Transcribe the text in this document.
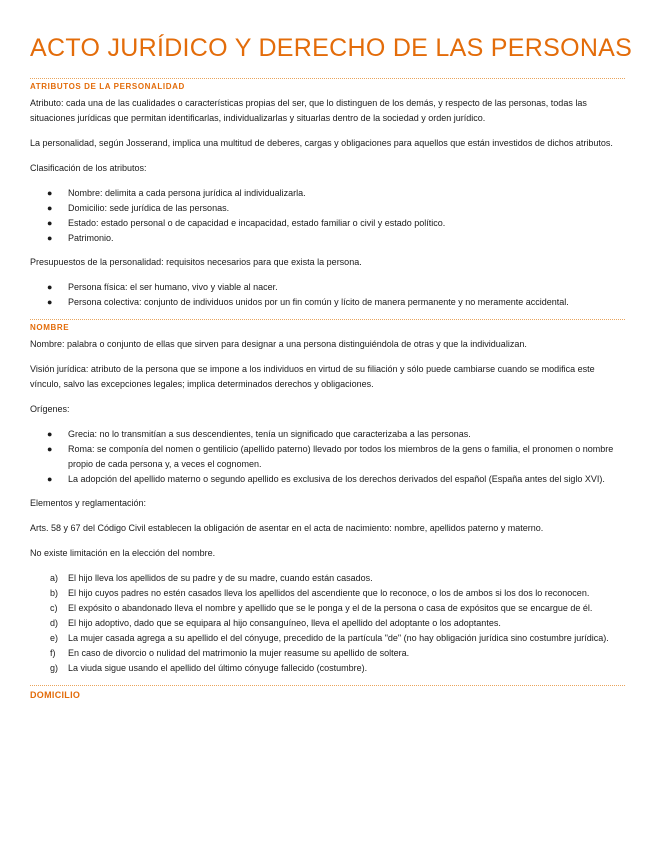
ACTO JURÍDICO Y DERECHO DE LAS PERSONAS
ATRIBUTOS DE LA PERSONALIDAD

Atributo: cada una de las cualidades o características propias del ser, que lo distinguen de los demás, y respecto de las personas, todas las situaciones jurídicas que permitan identificarlas, individualizarlas y situarlas dentro de la sociedad y orden jurídico.

La personalidad, según Josserand, implica una multitud de deberes, cargas y obligaciones para aquellos que están investidos de dichos atributos.

Clasificación de los atributos:

● Nombre: delimita a cada persona jurídica al individualizarla.
● Domicilio: sede jurídica de las personas.
● Estado: estado personal o de capacidad e incapacidad, estado familiar o civil y estado político.
● Patrimonio.

Presupuestos de la personalidad: requisitos necesarios para que exista la persona.

● Persona física: el ser humano, vivo y viable al nacer.
● Persona colectiva: conjunto de individuos unidos por un fin común y lícito de manera permanente y no meramente accidental.
NOMBRE

Nombre: palabra o conjunto de ellas que sirven para designar a una persona distinguiéndola de otras y que la individualizan.

Visión jurídica: atributo de la persona que se impone a los individuos en virtud de su filiación y sólo puede cambiarse cuando se modifica este vínculo, salvo las excepciones legales; implica determinados derechos y obligaciones.

Orígenes:

● Grecia: no lo transmitían a sus descendientes, tenía un significado que caracterizaba a las personas.
● Roma: se componía del nomen o gentilicio (apellido paterno) llevado por todos los miembros de la gens o familia, el pronomen o nombre propio de cada persona y, a veces el cognomen.
● La adopción del apellido materno o segundo apellido es exclusiva de los derechos derivados del español (España antes del siglo XVI).

Elementos y reglamentación:

Arts. 58 y 67 del Código Civil establecen la obligación de asentar en el acta de nacimiento: nombre, apellidos paterno y materno.

No existe limitación en la elección del nombre.

a) El hijo lleva los apellidos de su padre y de su madre, cuando están casados.
b) El hijo cuyos padres no estén casados lleva los apellidos del ascendiente que lo reconoce, o los de ambos si los dos lo reconocen.
c) El expósito o abandonado lleva el nombre y apellido que se le ponga y el de la persona o casa de expósitos que se encargue de él.
d) El hijo adoptivo, dado que se equipara al hijo consanguíneo, lleva el apellido del adoptante o los adoptantes.
e) La mujer casada agrega a su apellido el del cónyuge, precedido de la partícula "de" (no hay obligación jurídica sino costumbre jurídica).
f) En caso de divorcio o nulidad del matrimonio la mujer reasume su apellido de soltera.
g) La viuda sigue usando el apellido del último cónyuge fallecido (costumbre).
DOMICILIO
